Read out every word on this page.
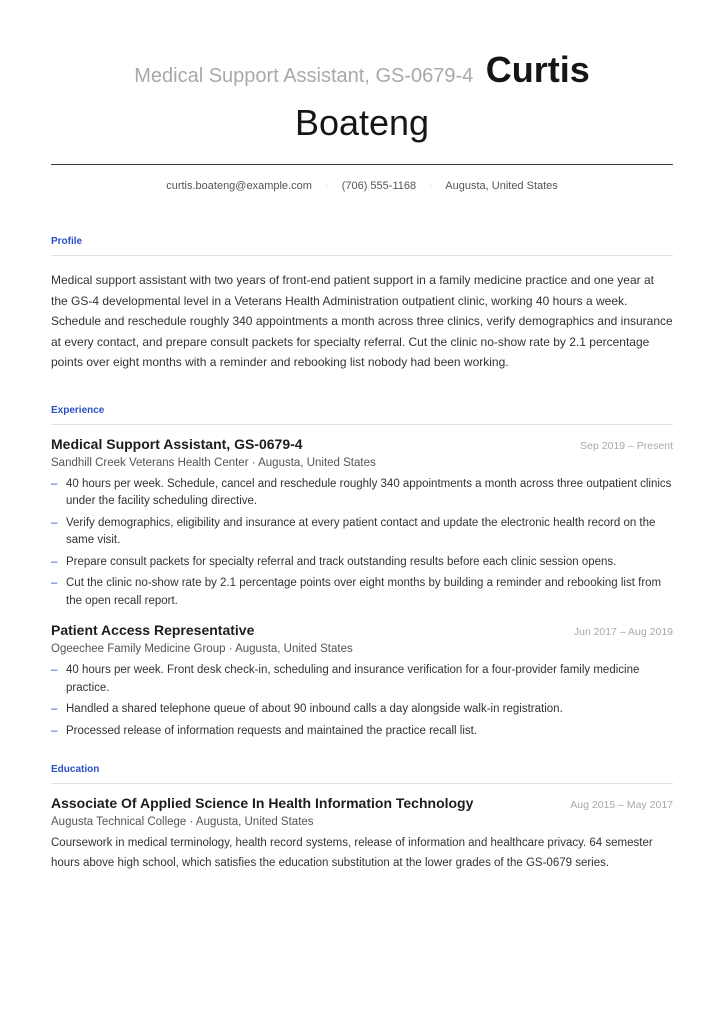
Medical Support Assistant, GS-0679-4 Curtis
Boateng
curtis.boateng@example.com · (706) 555-1168 · Augusta, United States
Profile

Medical support assistant with two years of front-end patient support in a family medicine practice and one year at the GS-4 developmental level in a Veterans Health Administration outpatient clinic, working 40 hours a week. Schedule and reschedule roughly 340 appointments a month across three clinics, verify demographics and insurance at every contact, and prepare consult packets for specialty referral. Cut the clinic no-show rate by 2.1 percentage points over eight months with a reminder and rebooking list nobody had been working.

Experience
Medical Support Assistant, GS-0679-4	Sep 2019 – Present
Sandhill Creek Veterans Health Center · Augusta, United States
– 40 hours per week. Schedule, cancel and reschedule roughly 340 appointments a month across three outpatient clinics under the facility scheduling directive.
– Verify demographics, eligibility and insurance at every patient contact and update the electronic health record on the same visit.
– Prepare consult packets for specialty referral and track outstanding results before each clinic session opens.
– Cut the clinic no-show rate by 2.1 percentage points over eight months by building a reminder and rebooking list from the open recall report.
Patient Access Representative	Jun 2017 – Aug 2019
Ogeechee Family Medicine Group · Augusta, United States
– 40 hours per week. Front desk check-in, scheduling and insurance verification for a four-provider family medicine practice.
– Handled a shared telephone queue of about 90 inbound calls a day alongside walk-in registration.
– Processed release of information requests and maintained the practice recall list.
Education
Associate Of Applied Science In Health Information Technology	Aug 2015 – May 2017
Augusta Technical College · Augusta, United States

Coursework in medical terminology, health record systems, release of information and healthcare privacy. 64 semester hours above high school, which satisfies the education substitution at the lower grades of the GS-0679 series.
